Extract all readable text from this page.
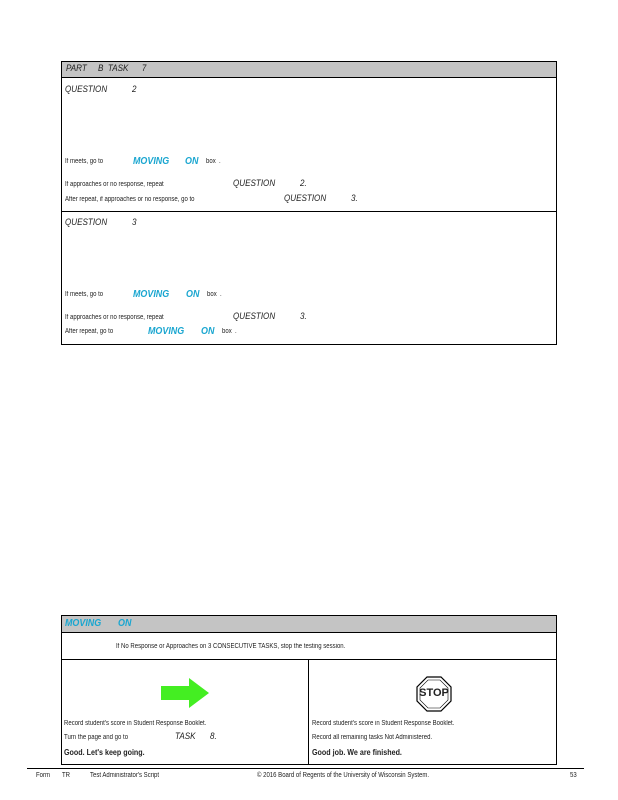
PART     B  TASK      7
QUESTION	2
If meets, go to	MOVING ON box  .
If approaches or no response, repeat	QUESTION	2.
After repeat, if approaches or no response, go to	QUESTION	3.
QUESTION	3
If meets, go to	MOVING ON box  .
If approaches or no response, repeat	QUESTION	3.
After repeat, go to	MOVING ON box  .
MOVING ON
If No Response or Approaches on 3 CONSECUTIVE TASKS, stop the testing session.
Record student's score in Student Response Booklet.
Turn the page and go to	TASK 8.
Good. Let's keep going.
STOP
Record student's score in Student Response Booklet.
Record all remaining tasks Not Administered.
Good job. We are finished.
Form TR	Test Administrator's Script	© 2016 Board of Regents of the University of Wisconsin System.	53
